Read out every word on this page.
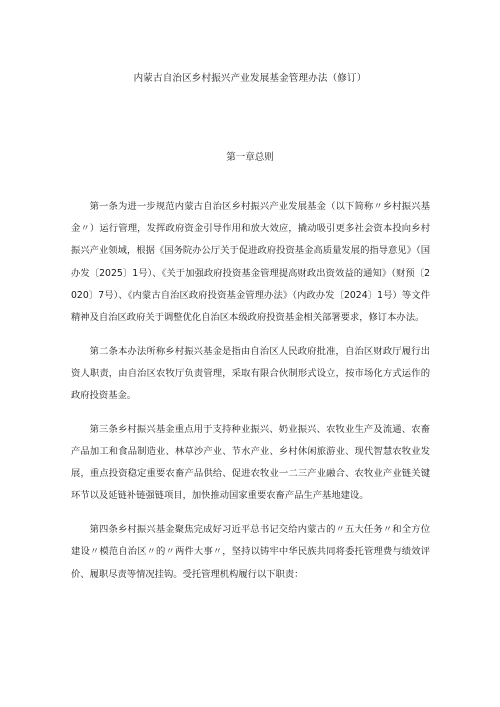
内蒙古自治区乡村振兴产业发展基金管理办法（修订）
第一章总则

第一条为进一步规范内蒙古自治区乡村振兴产业发展基金（以下简称〃乡村振兴基金〃）运行管理，发挥政府资金引导作用和放大效应，撬动吸引更多社会资本投向乡村振兴产业领域，根据《国务院办公厅关于促进政府投资基金高质量发展的指导意见》（国办发〔2025〕1号）、《关于加强政府投资基金管理提高财政出资效益的通知》（财预〔2020〕7号）、《内蒙古自治区政府投资基金管理办法》（内政办发〔2024〕1号）等文件精神及自治区政府关于调整优化自治区本级政府投资基金相关部署要求，修订本办法。

第二条本办法所称乡村振兴基金是指由自治区人民政府批准，自治区财政厅履行出资人职责，由自治区农牧厅负责管理，采取有限合伙制形式设立，按市场化方式运作的政府投资基金。

第三条乡村振兴基金重点用于支持种业振兴、奶业振兴、农牧业生产及流通、农畜产品加工和食品制造业、林草沙产业、节水产业、乡村休闲旅游业、现代智慧农牧业发展，重点投资稳定重要农畜产品供给、促进农牧业一二三产业融合、农牧业产业链关键环节以及延链补链强链项目，加快推动国家重要农畜产品生产基地建设。

第四条乡村振兴基金聚焦完成好习近平总书记交给内蒙古的〃五大任务〃和全方位建设〃模范自治区〃的〃两件大事〃，坚持以铸牢中华民族共同将委托管理费与绩效评价、履职尽责等情况挂钩。受托管理机构履行以下职责：
